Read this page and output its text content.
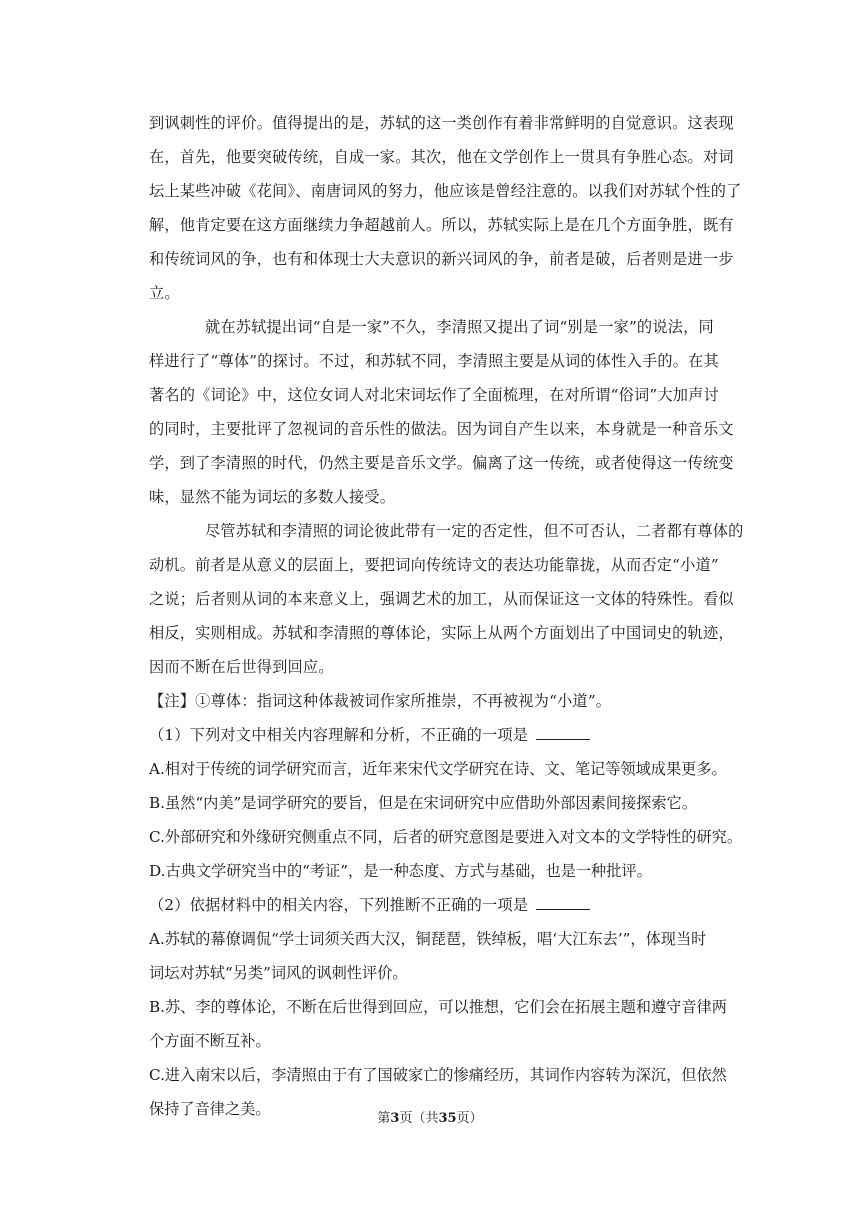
到讽刺性的评价。值得提出的是，苏轼的这一类创作有着非常鲜明的自觉意识。这表现
在，首先，他要突破传统，自成一家。其次，他在文学创作上一贯具有争胜心态。对词
坛上某些冲破《花间》、南唐词风的努力，他应该是曾经注意的。以我们对苏轼个性的了
解，他肯定要在这方面继续力争超越前人。所以，苏轼实际上是在几个方面争胜，既有
和传统词风的争，也有和体现士大夫意识的新兴词风的争，前者是破，后者则是进一步
立。
就在苏轼提出词“自是一家”不久，李清照又提出了词“别是一家”的说法，同
样进行了“尊体”的探讨。不过，和苏轼不同，李清照主要是从词的体性入手的。在其
著名的《词论》中，这位女词人对北宋词坛作了全面梳理，在对所谓“俗词”大加声讨
的同时，主要批评了忽视词的音乐性的做法。因为词自产生以来，本身就是一种音乐文
学，到了李清照的时代，仍然主要是音乐文学。偏离了这一传统，或者使得这一传统变
味，显然不能为词坛的多数人接受。
尽管苏轼和李清照的词论彼此带有一定的否定性，但不可否认，二者都有尊体的
动机。前者是从意义的层面上，要把词向传统诗文的表达功能靠拢，从而否定“小道”
之说；后者则从词的本来意义上，强调艺术的加工，从而保证这一文体的特殊性。看似
相反，实则相成。苏轼和李清照的尊体论，实际上从两个方面划出了中国词史的轨迹，
因而不断在后世得到回应。
【注】①尊体：指词这种体裁被词作家所推崇，不再被视为“小道”。
（1）下列对文中相关内容理解和分析，不正确的一项是
A.相对于传统的词学研究而言，近年来宋代文学研究在诗、文、笔记等领域成果更多。
B.虽然“内美”是词学研究的要旨，但是在宋词研究中应借助外部因素间接探索它。
C.外部研究和外缘研究侧重点不同，后者的研究意图是要进入对文本的文学特性的研究。
D.古典文学研究当中的“考证”，是一种态度、方式与基础，也是一种批评。
（2）依据材料中的相关内容，下列推断不正确的一项是
A.苏轼的幕僚调侃“学士词须关西大汉，铜琵琶，铁绰板，唱‘大江东去’”，体现当时
词坛对苏轼“另类”词风的讽刺性评价。
B.苏、李的尊体论，不断在后世得到回应，可以推想，它们会在拓展主题和遵守音律两
个方面不断互补。
C.进入南宋以后，李清照由于有了国破家亡的惨痛经历，其词作内容转为深沉，但依然
保持了音律之美。
第3页（共35页）
